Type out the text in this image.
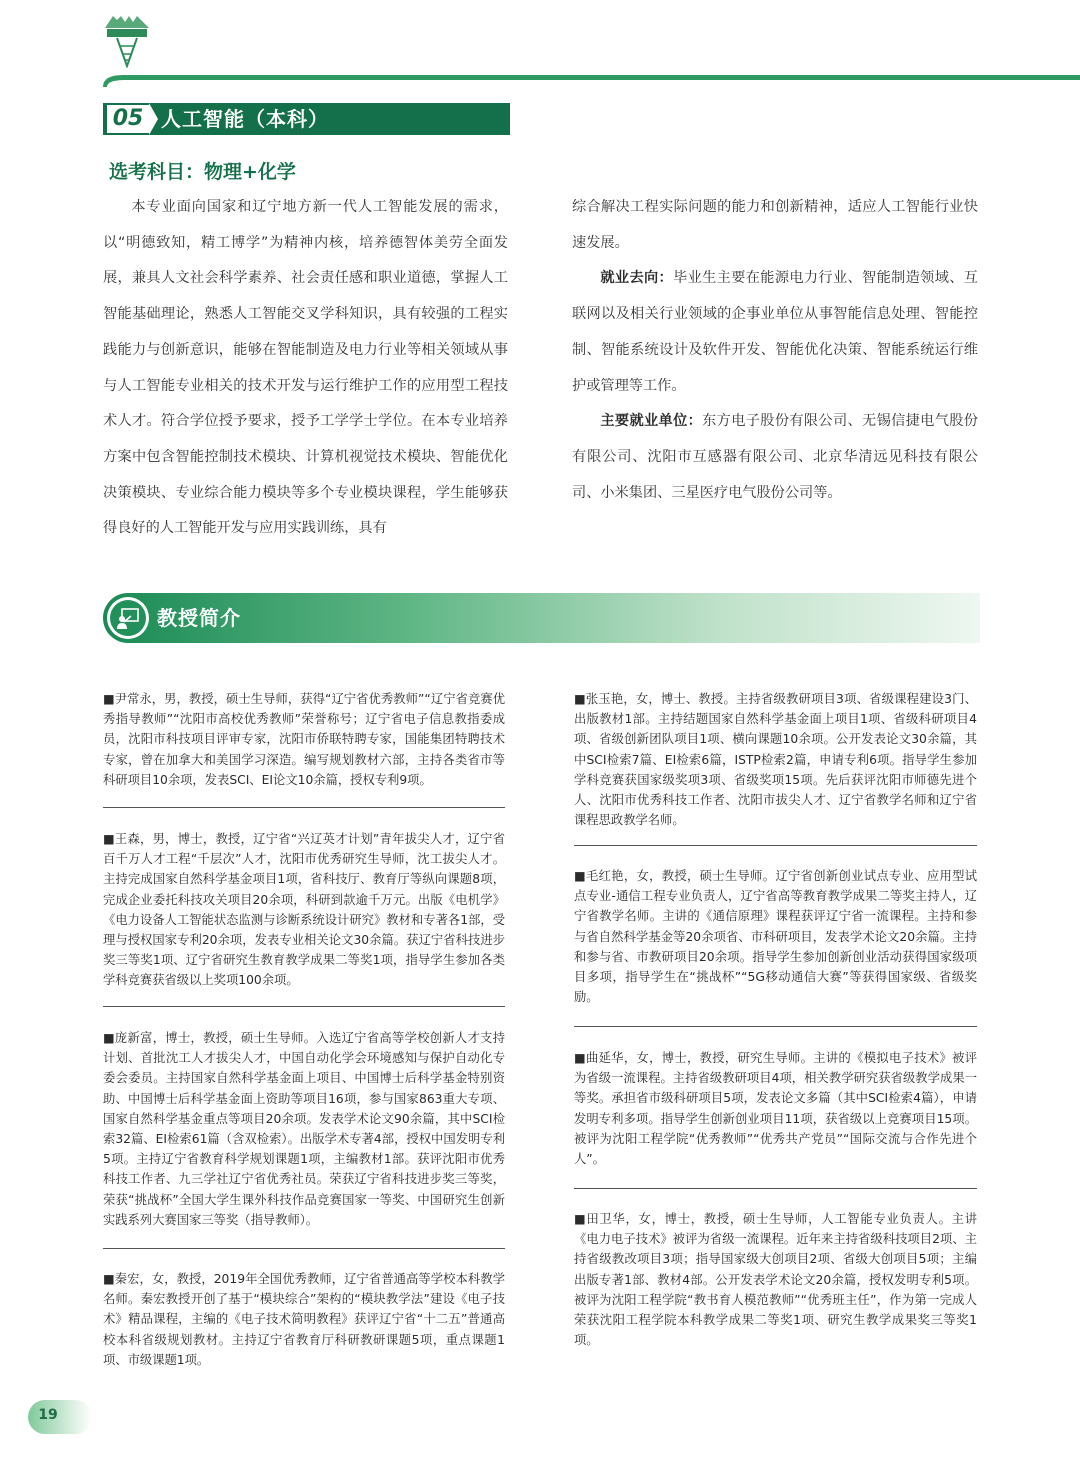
05 人工智能（本科）
选考科目：物理+化学
本专业面向国家和辽宁地方新一代人工智能发展的需求，以“明德致知，精工博学”为精神内核，培养德智体美劳全面发展，兼具人文社会科学素养、社会责任感和职业道德，掌握人工智能基础理论，熟悉人工智能交叉学科知识，具有较强的工程实践能力与创新意识，能够在智能制造及电力行业等相关领域从事与人工智能专业相关的技术开发与运行维护工作的应用型工程技术人才。符合学位授予要求，授予工学学士学位。在本专业培养方案中包含智能控制技术模块、计算机视觉技术模块、智能优化决策模块、专业综合能力模块等多个专业模块课程，学生能够获得良好的人工智能开发与应用实践训练，具有

综合解决工程实际问题的能力和创新精神，适应人工智能行业快速发展。

就业去向：毕业生主要在能源电力行业、智能制造领域、互联网以及相关行业领域的企事业单位从事智能信息处理、智能控制、智能系统设计及软件开发、智能优化决策、智能系统运行维护或管理等工作。

主要就业单位：东方电子股份有限公司、无锡信捷电气股份有限公司、沈阳市互感器有限公司、北京华清远见科技有限公司、小米集团、三星医疗电气股份公司等。

教授简介
■尹常永，男，教授，硕士生导师，获得“辽宁省优秀教师”“辽宁省竞赛优秀指导教师”“沈阳市高校优秀教师”荣誉称号；辽宁省电子信息教指委成员，沈阳市科技项目评审专家，沈阳市侨联特聘专家，国能集团特聘技术专家，曾在加拿大和美国学习深造。编写规划教材六部，主持各类省市等科研项目10余项，发表SCI、EI论文10余篇，授权专利9项。
■王森，男，博士，教授，辽宁省“兴辽英才计划”青年拔尖人才，辽宁省百千万人才工程“千层次”人才，沈阳市优秀研究生导师，沈工拔尖人才。主持完成国家自然科学基金项目1项，省科技厅、教育厅等纵向课题8项，完成企业委托科技攻关项目20余项，科研到款逾千万元。出版《电机学》《电力设备人工智能状态监测与诊断系统设计研究》教材和专著各1部，受理与授权国家专利20余项，发表专业相关论文30余篇。获辽宁省科技进步奖三等奖1项、辽宁省研究生教育教学成果二等奖1项，指导学生参加各类学科竞赛获省级以上奖项100余项。
■庞新富，博士，教授，硕士生导师。入选辽宁省高等学校创新人才支持计划、首批沈工人才拔尖人才，中国自动化学会环境感知与保护自动化专委会委员。主持国家自然科学基金面上项目、中国博士后科学基金特别资助、中国博士后科学基金面上资助等项目16项，参与国家863重大专项、国家自然科学基金重点等项目20余项。发表学术论文90余篇，其中SCI检索32篇、EI检索61篇（含双检索）。出版学术专著4部，授权中国发明专利5项。主持辽宁省教育科学规划课题1项，主编教材1部。获评沈阳市优秀科技工作者、九三学社辽宁省优秀社员。荣获辽宁省科技进步奖三等奖，荣获“挑战杯”全国大学生课外科技作品竞赛国家一等奖、中国研究生创新实践系列大赛国家三等奖（指导教师）。
■秦宏，女，教授，2019年全国优秀教师，辽宁省普通高等学校本科教学名师。秦宏教授开创了基于“模块综合”架构的“模块教学法”建设《电子技术》精品课程，主编的《电子技术简明教程》获评辽宁省“十二五”普通高校本科省级规划教材。主持辽宁省教育厅科研教研课题5项，重点课题1项、市级课题1项。
■张玉艳，女，博士、教授。主持省级教研项目3项、省级课程建设3门、出版教材1部。主持结题国家自然科学基金面上项目1项、省级科研项目4项、省级创新团队项目1项、横向课题10余项。公开发表论文30余篇，其中SCI检索7篇、EI检索6篇，ISTP检索2篇，申请专利6项。指导学生参加学科竞赛获国家级奖项3项、省级奖项15项。先后获评沈阳市师德先进个人、沈阳市优秀科技工作者、沈阳市拔尖人才、辽宁省教学名师和辽宁省课程思政教学名师。
■毛红艳，女，教授，硕士生导师。辽宁省创新创业试点专业、应用型试点专业-通信工程专业负责人，辽宁省高等教育教学成果二等奖主持人，辽宁省教学名师。主讲的《通信原理》课程获评辽宁省一流课程。主持和参与省自然科学基金等20余项省、市科研项目，发表学术论文20余篇。主持和参与省、市教研项目20余项。指导学生参加创新创业活动获得国家级项目多项，指导学生在“挑战杯”“5G移动通信大赛”等获得国家级、省级奖励。
■曲延华，女，博士，教授，研究生导师。主讲的《模拟电子技术》被评为省级一流课程。主持省级教研项目4项，相关教学研究获省级教学成果一等奖。承担省市级科研项目5项，发表论文多篇（其中SCI检索4篇），申请发明专利多项。指导学生创新创业项目11项，获省级以上竞赛项目15项。被评为沈阳工程学院“优秀教师”“优秀共产党员”“国际交流与合作先进个人”。
■田卫华，女，博士，教授，硕士生导师，人工智能专业负责人。主讲《电力电子技术》被评为省级一流课程。近年来主持省级科技项目2项、主持省级教改项目3项；指导国家级大创项目2项、省级大创项目5项；主编出版专著1部、教材4部。公开发表学术论文20余篇，授权发明专利5项。被评为沈阳工程学院“教书育人模范教师”“优秀班主任”，作为第一完成人荣获沈阳工程学院本科教学成果二等奖1项、研究生教学成果奖三等奖1项。
19
